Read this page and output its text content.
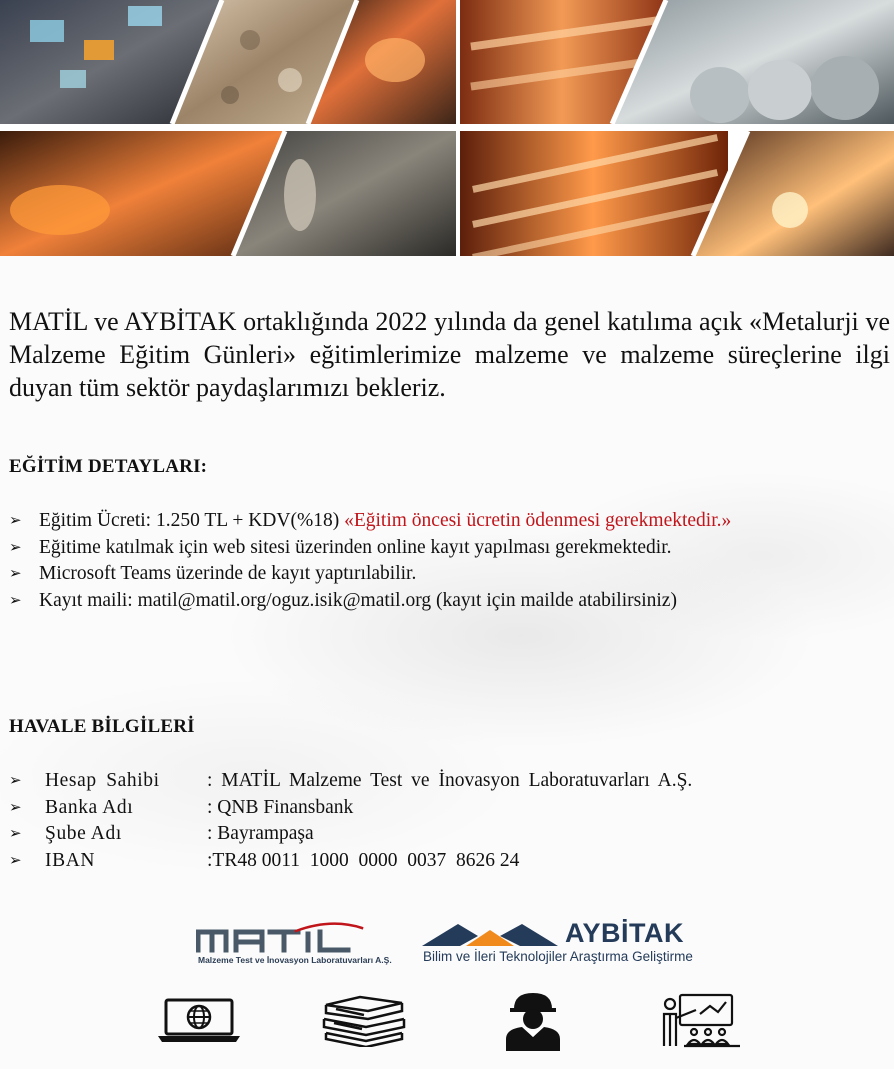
MATİL ve AYBİTAK ortaklığında 2022 yılında da genel katılıma açık «Metalurji ve Malzeme Eğitim Günleri» eğitimlerimize malzeme ve malzeme süreçlerine ilgi duyan tüm sektör paydaşlarımızı bekleriz.

EĞİTİM DETAYLARI:
➢ Eğitim Ücreti: 1.250 TL + KDV(%18) «Eğitim öncesi ücretin ödenmesi gerekmektedir.»
➢ Eğitime katılmak için web sitesi üzerinden online kayıt yapılması gerekmektedir.
➢ Microsoft Teams üzerinde de kayıt yaptırılabilir.
➢ Kayıt maili: matil@matil.org/oguz.isik@matil.org (kayıt için mailde atabilirsiniz)
HAVALE BİLGİLERİ
➢	Hesap Sahibi	: MATİL Malzeme Test ve İnovasyon Laboratuvarları A.Ş.
➢	Banka Adı	: QNB Finansbank
➢	Şube Adı	: Bayrampaşa
➢	IBAN	:TR48 0011  1000  0000  0037  8626 24
Malzeme Test ve İnovasyon Laboratuvarları A.Ş.
AYBİTAK
Bilim ve İleri Teknolojiler Araştırma Geliştirme
